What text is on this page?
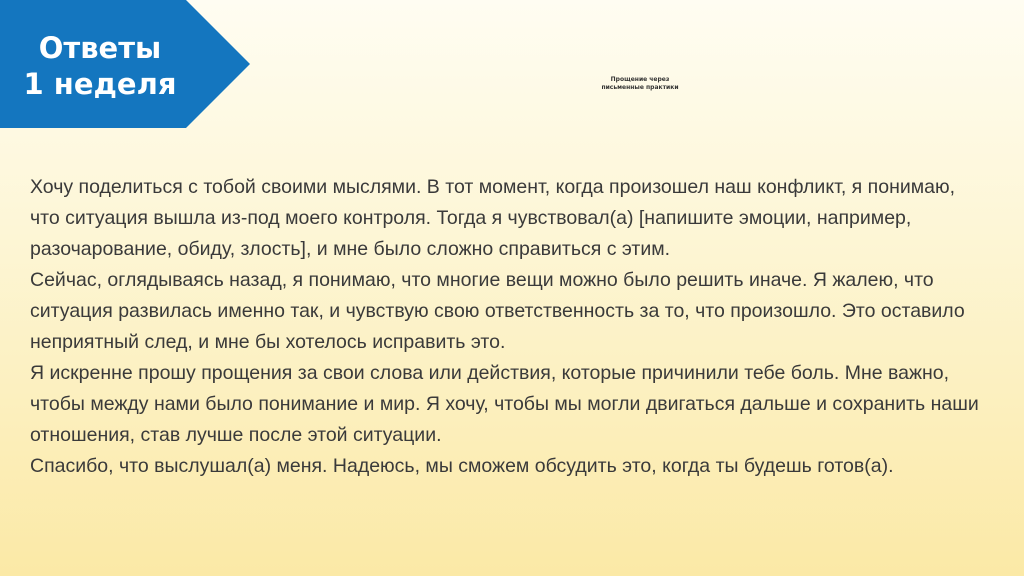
Ответы
1 неделя	Прощение через
письменные практики

Хочу поделиться с тобой своими мыслями. В тот момент, когда произошел наш конфликт, я понимаю, что ситуация вышла из-под моего контроля. Тогда я чувствовал(а) [напишите эмоции, например, разочарование, обиду, злость], и мне было сложно справиться с этим.

Сейчас, оглядываясь назад, я понимаю, что многие вещи можно было решить иначе. Я жалею, что ситуация развилась именно так, и чувствую свою ответственность за то, что произошло. Это оставило неприятный след, и мне бы хотелось исправить это.

Я искренне прошу прощения за свои слова или действия, которые причинили тебе боль. Мне важно, чтобы между нами было понимание и мир. Я хочу, чтобы мы могли двигаться дальше и сохранить наши отношения, став лучше после этой ситуации.

Спасибо, что выслушал(а) меня. Надеюсь, мы сможем обсудить это, когда ты будешь готов(а).
